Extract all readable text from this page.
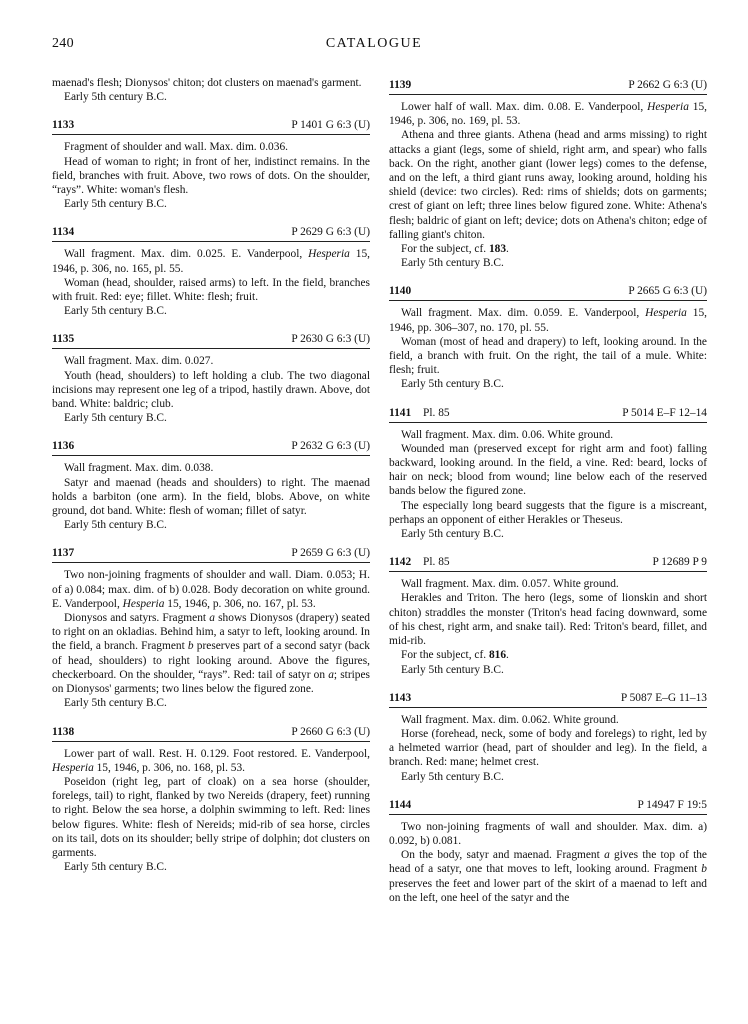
240	CATALOGUE

maenad's flesh; Dionysos' chiton; dot clusters on maenad's garment.

Early 5th century B.C.

1133	P 1401 G 6:3 (U)

Fragment of shoulder and wall. Max. dim. 0.036.

Head of woman to right; in front of her, indistinct remains. In the field, branches with fruit. Above, two rows of dots. On the shoulder, “rays”. White: woman's flesh.

Early 5th century B.C.

1134	P 2629 G 6:3 (U)

Wall fragment. Max. dim. 0.025. E. Vanderpool, Hesperia 15, 1946, p. 306, no. 165, pl. 55.

Woman (head, shoulder, raised arms) to left. In the field, branches with fruit. Red: eye; fillet. White: flesh; fruit.

Early 5th century B.C.

1135	P 2630 G 6:3 (U)

Wall fragment. Max. dim. 0.027.

Youth (head, shoulders) to left holding a club. The two diagonal incisions may represent one leg of a tripod, hastily drawn. Above, dot band. White: baldric; club.

Early 5th century B.C.

1136	P 2632 G 6:3 (U)

Wall fragment. Max. dim. 0.038.

Satyr and maenad (heads and shoulders) to right. The maenad holds a barbiton (one arm). In the field, blobs. Above, on white ground, dot band. White: flesh of woman; fillet of satyr.

Early 5th century B.C.

1137	P 2659 G 6:3 (U)

Two non-joining fragments of shoulder and wall. Diam. 0.053; H. of a) 0.084; max. dim. of b) 0.028. Body decoration on white ground. E. Vanderpool, Hesperia 15, 1946, p. 306, no. 167, pl. 53.

Dionysos and satyrs. Fragment a shows Dionysos (drapery) seated to right on an okladias. Behind him, a satyr to left, looking around. In the field, a branch. Fragment b preserves part of a second satyr (back of head, shoulders) to right looking around. Above the figures, checkerboard. On the shoulder, “rays”. Red: tail of satyr on a; stripes on Dionysos' garments; two lines below the figured zone.

Early 5th century B.C.

1138	P 2660 G 6:3 (U)

Lower part of wall. Rest. H. 0.129. Foot restored. E. Vanderpool, Hesperia 15, 1946, p. 306, no. 168, pl. 53.

Poseidon (right leg, part of cloak) on a sea horse (shoulder, forelegs, tail) to right, flanked by two Nereids (drapery, feet) running to right. Below the sea horse, a dolphin swimming to left. Red: lines below figures. White: flesh of Nereids; mid-rib of sea horse, circles on its tail, dots on its shoulder; belly stripe of dolphin; dot clusters on garments.

Early 5th century B.C.

1139	P 2662 G 6:3 (U)

Lower half of wall. Max. dim. 0.08. E. Vanderpool, Hesperia 15, 1946, p. 306, no. 169, pl. 53.

Athena and three giants. Athena (head and arms missing) to right attacks a giant (legs, some of shield, right arm, and spear) who falls back. On the right, another giant (lower legs) comes to the defense, and on the left, a third giant runs away, looking around, holding his shield (device: two circles). Red: rims of shields; dots on garments; crest of giant on left; three lines below figured zone. White: Athena's flesh; baldric of giant on left; device; dots on Athena's chiton; edge of falling giant's chiton.

For the subject, cf. 183.

Early 5th century B.C.

1140	P 2665 G 6:3 (U)

Wall fragment. Max. dim. 0.059. E. Vanderpool, Hesperia 15, 1946, pp. 306–307, no. 170, pl. 55.

Woman (most of head and drapery) to left, looking around. In the field, a branch with fruit. On the right, the tail of a mule. White: flesh; fruit.

Early 5th century B.C.

1141 Pl. 85	P 5014 E–F 12–14

Wall fragment. Max. dim. 0.06. White ground.

Wounded man (preserved except for right arm and foot) falling backward, looking around. In the field, a vine. Red: beard, locks of hair on neck; blood from wound; line below each of the reserved bands below the figured zone.

The especially long beard suggests that the figure is a miscreant, perhaps an opponent of either Herakles or Theseus.

Early 5th century B.C.

1142 Pl. 85	P 12689 P 9

Wall fragment. Max. dim. 0.057. White ground.

Herakles and Triton. The hero (legs, some of lionskin and short chiton) straddles the monster (Triton's head facing downward, some of his chest, right arm, and snake tail). Red: Triton's beard, fillet, and mid-rib.

For the subject, cf. 816.

Early 5th century B.C.

1143	P 5087 E–G 11–13

Wall fragment. Max. dim. 0.062. White ground.

Horse (forehead, neck, some of body and forelegs) to right, led by a helmeted warrior (head, part of shoulder and leg). In the field, a branch. Red: mane; helmet crest.

Early 5th century B.C.

1144	P 14947 F 19:5

Two non-joining fragments of wall and shoulder. Max. dim. a) 0.092, b) 0.081.

On the body, satyr and maenad. Fragment a gives the top of the head of a satyr, one that moves to left, looking around. Fragment b preserves the feet and lower part of the skirt of a maenad to left and on the left, one heel of the satyr and the
